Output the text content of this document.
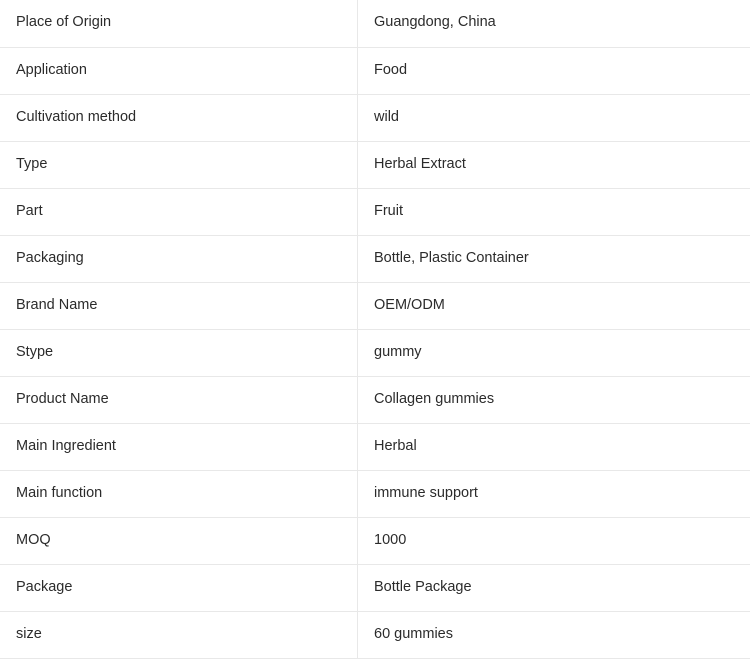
Place of Origin	Guangdong, China
Application	Food
Cultivation method	wild
Type	Herbal Extract
Part	Fruit
Packaging	Bottle, Plastic Container
Brand Name	OEM/ODM
Stype	gummy
Product Name	Collagen gummies
Main Ingredient	Herbal
Main function	immune support
MOQ	1000
Package	Bottle Package
size	60 gummies
